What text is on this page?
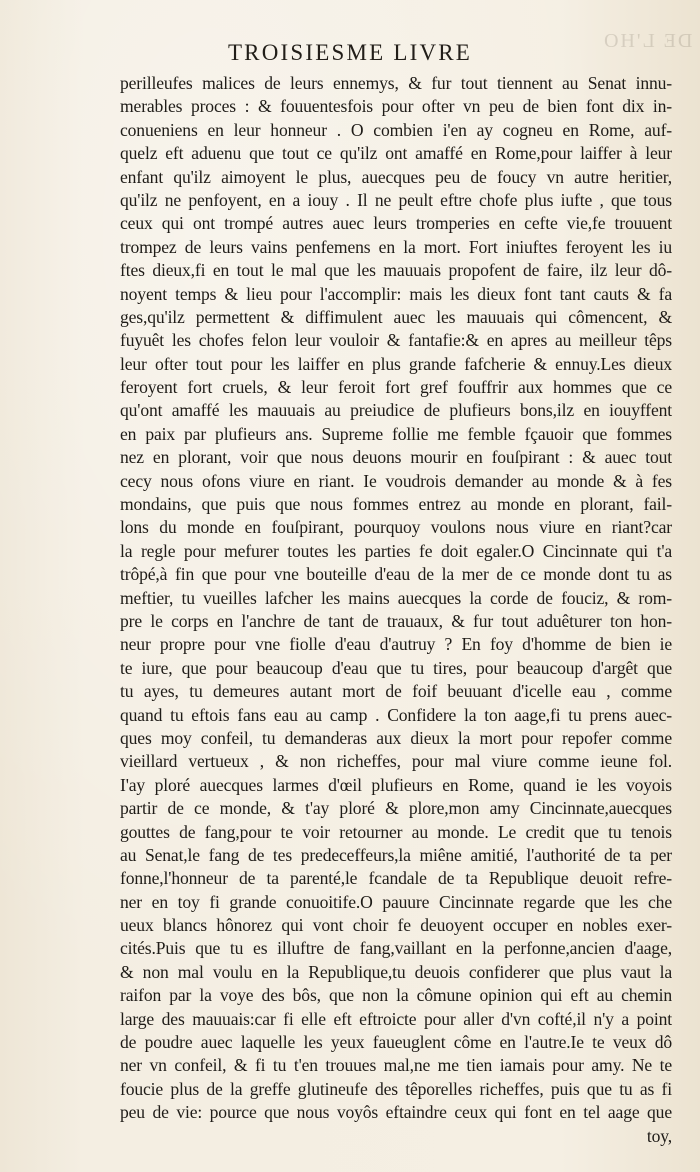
DE L'HO
TROISIESME LIVRE
perilleufes malices de leurs ennemys, & fur tout tiennent au Senat innu-
merables proces : & fouuentesfois pour ofter vn peu de bien font dix in-
conueniens en leur honneur . O combien i'en ay cogneu en Rome, auf-
quelz eft aduenu que tout ce qu'ilz ont amaffé en Rome,pour laiffer à leur
enfant qu'ilz aimoyent le plus, auecques peu de foucy vn autre heritier,
qu'ilz ne penfoyent, en a iouy . Il ne peult eftre chofe plus iufte , que tous
ceux qui ont trompé autres auec leurs tromperies en cefte vie,fe trouuent
trompez de leurs vains penfemens en la mort. Fort iniuftes feroyent les iu
ftes dieux,fi en tout le mal que les mauuais propofent de faire, ilz leur dô-
noyent temps & lieu pour l'accomplir: mais les dieux font tant cauts & fa
ges,qu'ilz permettent & diffimulent auec les mauuais qui cômencent, &
fuyuêt les chofes felon leur vouloir & fantafie:& en apres au meilleur têps
leur ofter tout pour les laiffer en plus grande fafcherie & ennuy.Les dieux
feroyent fort cruels, & leur feroit fort gref fouffrir aux hommes que ce
qu'ont amaffé les mauuais au preiudice de plufieurs bons,ilz en iouyffent
en paix par plufieurs ans. Supreme follie me femble fçauoir que fommes
nez en plorant, voir que nous deuons mourir en fouſpirant : & auec tout
cecy nous ofons viure en riant. Ie voudrois demander au monde & à fes
mondains, que puis que nous fommes entrez au monde en plorant, fail-
lons du monde en fouſpirant, pourquoy voulons nous viure en riant?car
la regle pour mefurer toutes les parties fe doit egaler.O Cincinnate qui t'a
trôpé,à fin que pour vne bouteille d'eau de la mer de ce monde dont tu as
meftier, tu vueilles lafcher les mains auecques la corde de fouciz, & rom-
pre le corps en l'anchre de tant de trauaux, & fur tout aduêturer ton hon-
neur propre pour vne fiolle d'eau d'autruy ? En foy d'homme de bien ie
te iure, que pour beaucoup d'eau que tu tires, pour beaucoup d'argêt que
tu ayes, tu demeures autant mort de foif beuuant d'icelle eau , comme
quand tu eftois fans eau au camp . Confidere la ton aage,fi tu prens auec-
ques moy confeil, tu demanderas aux dieux la mort pour repofer comme
vieillard vertueux , & non richeffes, pour mal viure comme ieune fol.
I'ay ploré auecques larmes d'œil plufieurs en Rome, quand ie les voyois
partir de ce monde, & t'ay ploré & plore,mon amy Cincinnate,auecques
gouttes de fang,pour te voir retourner au monde. Le credit que tu tenois
au Senat,le fang de tes predeceffeurs,la miêne amitié, l'authorité de ta per
fonne,l'honneur de ta parenté,le fcandale de ta Republique deuoit refre-
ner en toy fi grande conuoitife.O pauure Cincinnate regarde que les che
ueux blancs hônorez qui vont choir fe deuoyent occuper en nobles exer-
cités.Puis que tu es illuftre de fang,vaillant en la perfonne,ancien d'aage,
& non mal voulu en la Republique,tu deuois confiderer que plus vaut la
raifon par la voye des bôs, que non la cômune opinion qui eft au chemin
large des mauuais:car fi elle eft eftroicte pour aller d'vn cofté,il n'y a point
de poudre auec laquelle les yeux faueuglent côme en l'autre.Ie te veux dô
ner vn confeil, & fi tu t'en trouues mal,ne me tien iamais pour amy. Ne te
foucie plus de la greffe glutineufe des têporelles richeffes, puis que tu as fi
peu de vie: pource que nous voyôs eftaindre ceux qui font en tel aage que
toy,
